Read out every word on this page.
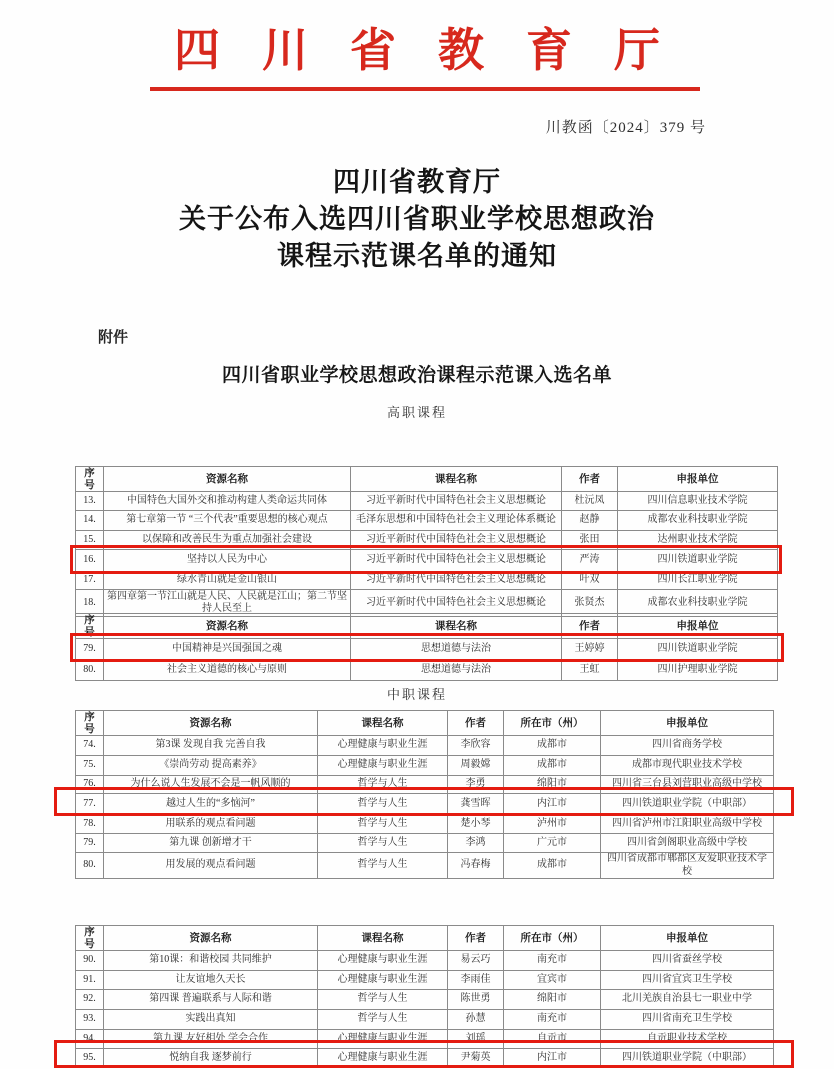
四川省教育厅
川教函〔2024〕379 号
四川省教育厅
关于公布入选四川省职业学校思想政治
课程示范课名单的通知
附件
四川省职业学校思想政治课程示范课入选名单
高职课程
中职课程
序号	资源名称	课程名称	作者	申报单位
13.	中国特色大国外交和推动构建人类命运共同体	习近平新时代中国特色社会主义思想概论	杜沅凤	四川信息职业技术学院
14.	第七章第一节 “三个代表”重要思想的核心观点	毛泽东思想和中国特色社会主义理论体系概论	赵静	成都农业科技职业学院
15.	以保障和改善民生为重点加强社会建设	习近平新时代中国特色社会主义思想概论	张田	达州职业技术学院
16.	坚持以人民为中心	习近平新时代中国特色社会主义思想概论	严涛	四川铁道职业学院
17.	绿水青山就是金山银山	习近平新时代中国特色社会主义思想概论	叶双	四川长江职业学院
18.	第四章第一节江山就是人民、人民就是江山；第二节坚持人民至上	习近平新时代中国特色社会主义思想概论	张贤杰	成都农业科技职业学院
序号	资源名称	课程名称	作者	申报单位
79.	中国精神是兴国强国之魂	思想道德与法治	王婷婷	四川铁道职业学院
80.	社会主义道德的核心与原则	思想道德与法治	王虹	四川护理职业学院
序号	资源名称	课程名称	作者	所在市（州）	申报单位
74.	第3课 发现自我 完善自我	心理健康与职业生涯	李欣容	成都市	四川省商务学校
75.	《崇尚劳动 提高素养》	心理健康与职业生涯	周毅嫦	成都市	成都市现代职业技术学校
76.	为什么说人生发展不会是一帆风顺的	哲学与人生	李勇	绵阳市	四川省三台县刘营职业高级中学校
77.	越过人生的“多恼河”	哲学与人生	龚雪晖	内江市	四川铁道职业学院（中职部）
78.	用联系的观点看问题	哲学与人生	楚小琴	泸州市	四川省泸州市江阳职业高级中学校
79.	第九课 创新增才干	哲学与人生	李鸿	广元市	四川省剑阁职业高级中学校
80.	用发展的观点看问题	哲学与人生	冯春梅	成都市	四川省成都市郫都区友爱职业技术学校
序号	资源名称	课程名称	作者	所在市（州）	申报单位
90.	第10课：和谐校园 共同维护	心理健康与职业生涯	易云巧	南充市	四川省蚕丝学校
91.	让友谊地久天长	心理健康与职业生涯	李雨佳	宜宾市	四川省宜宾卫生学校
92.	第四课 普遍联系与人际和谐	哲学与人生	陈世勇	绵阳市	北川羌族自治县七一职业中学
93.	实践出真知	哲学与人生	孙慧	南充市	四川省南充卫生学校
94.	第九课 友好相处 学会合作	心理健康与职业生涯	刘瑶	自贡市	自贡职业技术学校
95.	悦纳自我 逐梦前行	心理健康与职业生涯	尹菊英	内江市	四川铁道职业学院（中职部）
